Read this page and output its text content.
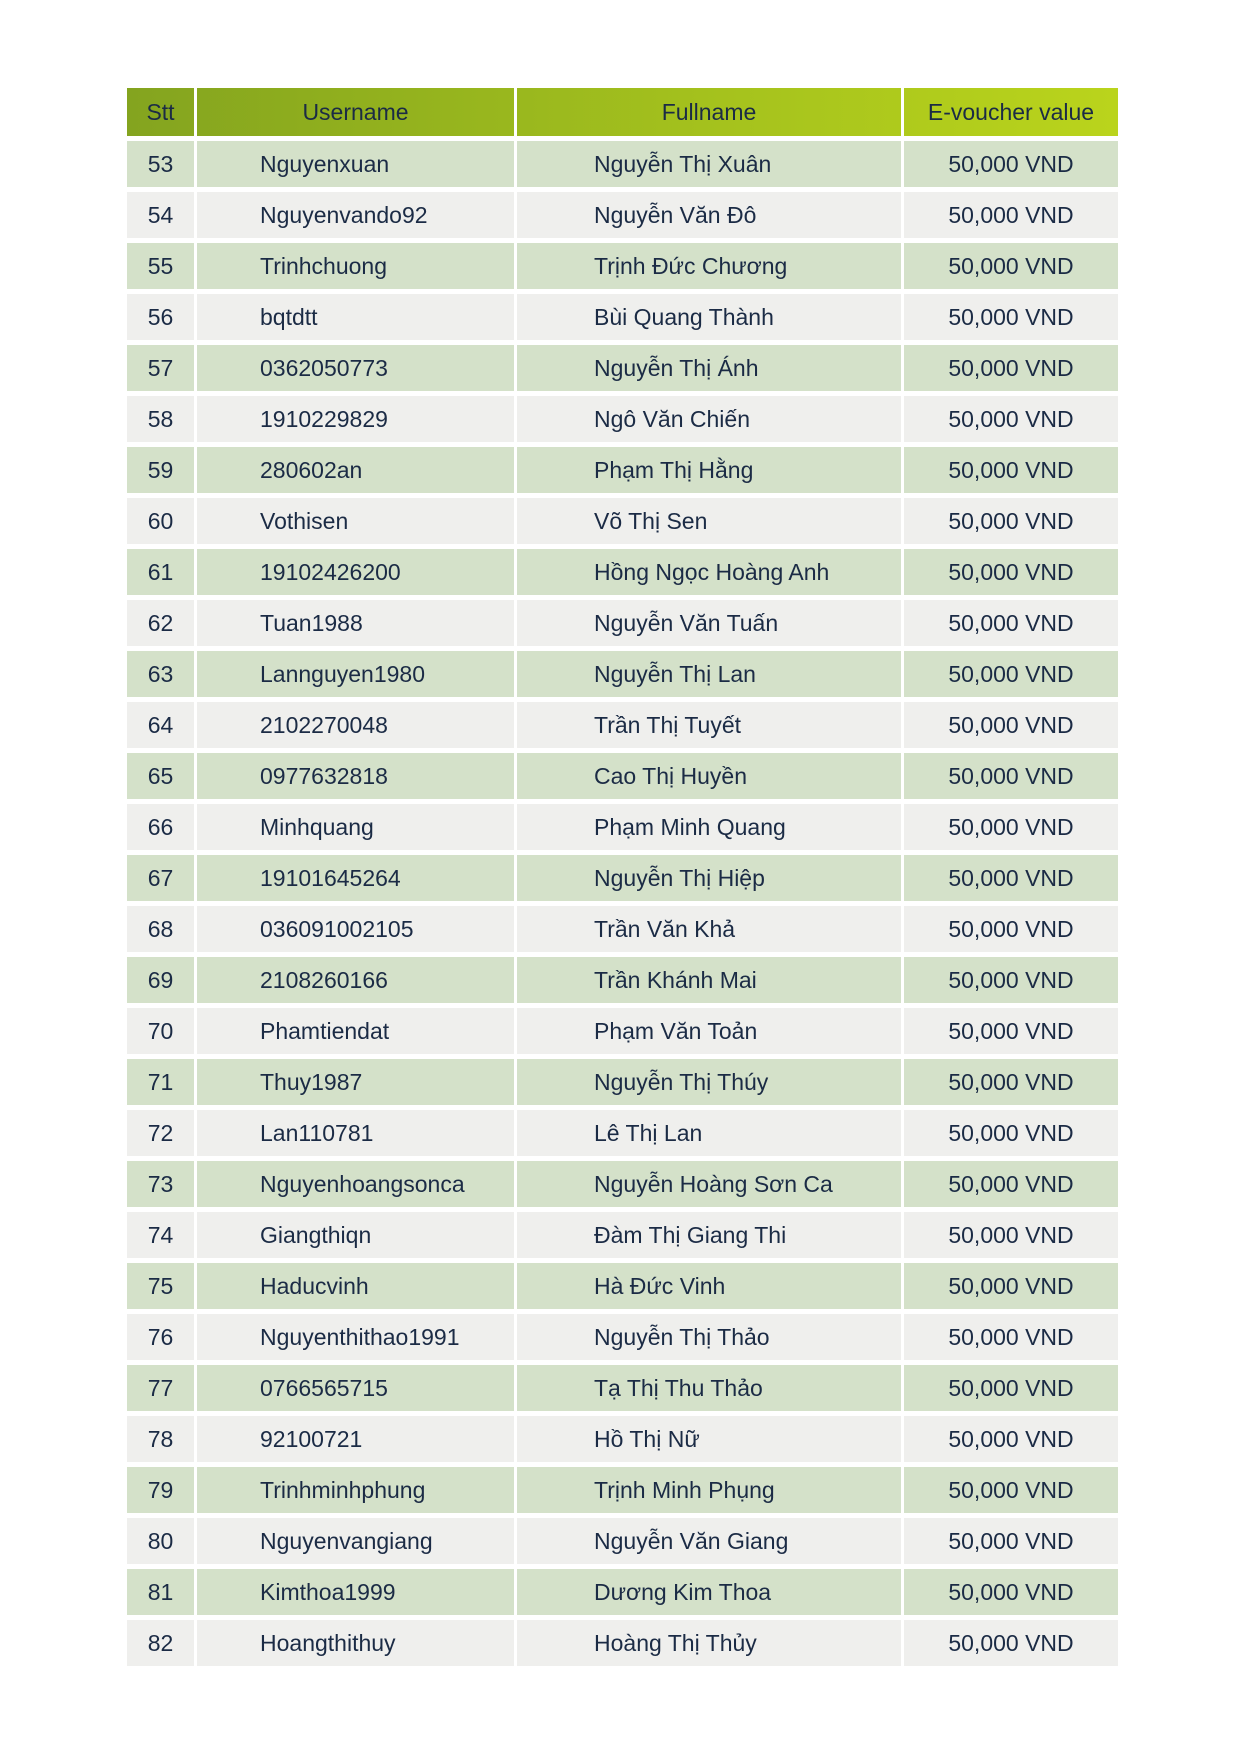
Stt	Username	Fullname	E-voucher value
53	Nguyenxuan	Nguyễn Thị Xuân	50,000 VND
54	Nguyenvando92	Nguyễn Văn Đô	50,000 VND
55	Trinhchuong	Trịnh Đức Chương	50,000 VND
56	bqtdtt	Bùi Quang Thành	50,000 VND
57	0362050773	Nguyễn Thị Ánh	50,000 VND
58	1910229829	Ngô Văn Chiến	50,000 VND
59	280602an	Phạm Thị Hằng	50,000 VND
60	Vothisen	Võ Thị Sen	50,000 VND
61	19102426200	Hồng Ngọc Hoàng Anh	50,000 VND
62	Tuan1988	Nguyễn Văn Tuấn	50,000 VND
63	Lannguyen1980	Nguyễn Thị Lan	50,000 VND
64	2102270048	Trần Thị Tuyết	50,000 VND
65	0977632818	Cao Thị Huyền	50,000 VND
66	Minhquang	Phạm Minh Quang	50,000 VND
67	19101645264	Nguyễn Thị Hiệp	50,000 VND
68	036091002105	Trần Văn Khả	50,000 VND
69	2108260166	Trần Khánh Mai	50,000 VND
70	Phamtiendat	Phạm Văn Toản	50,000 VND
71	Thuy1987	Nguyễn Thị Thúy	50,000 VND
72	Lan110781	Lê Thị Lan	50,000 VND
73	Nguyenhoangsonca	Nguyễn Hoàng Sơn Ca	50,000 VND
74	Giangthiqn	Đàm Thị Giang Thi	50,000 VND
75	Haducvinh	Hà Đức Vinh	50,000 VND
76	Nguyenthithao1991	Nguyễn Thị Thảo	50,000 VND
77	0766565715	Tạ Thị Thu Thảo	50,000 VND
78	92100721	Hồ Thị Nữ	50,000 VND
79	Trinhminhphung	Trịnh Minh Phụng	50,000 VND
80	Nguyenvangiang	Nguyễn Văn Giang	50,000 VND
81	Kimthoa1999	Dương Kim Thoa	50,000 VND
82	Hoangthithuy	Hoàng Thị Thủy	50,000 VND
